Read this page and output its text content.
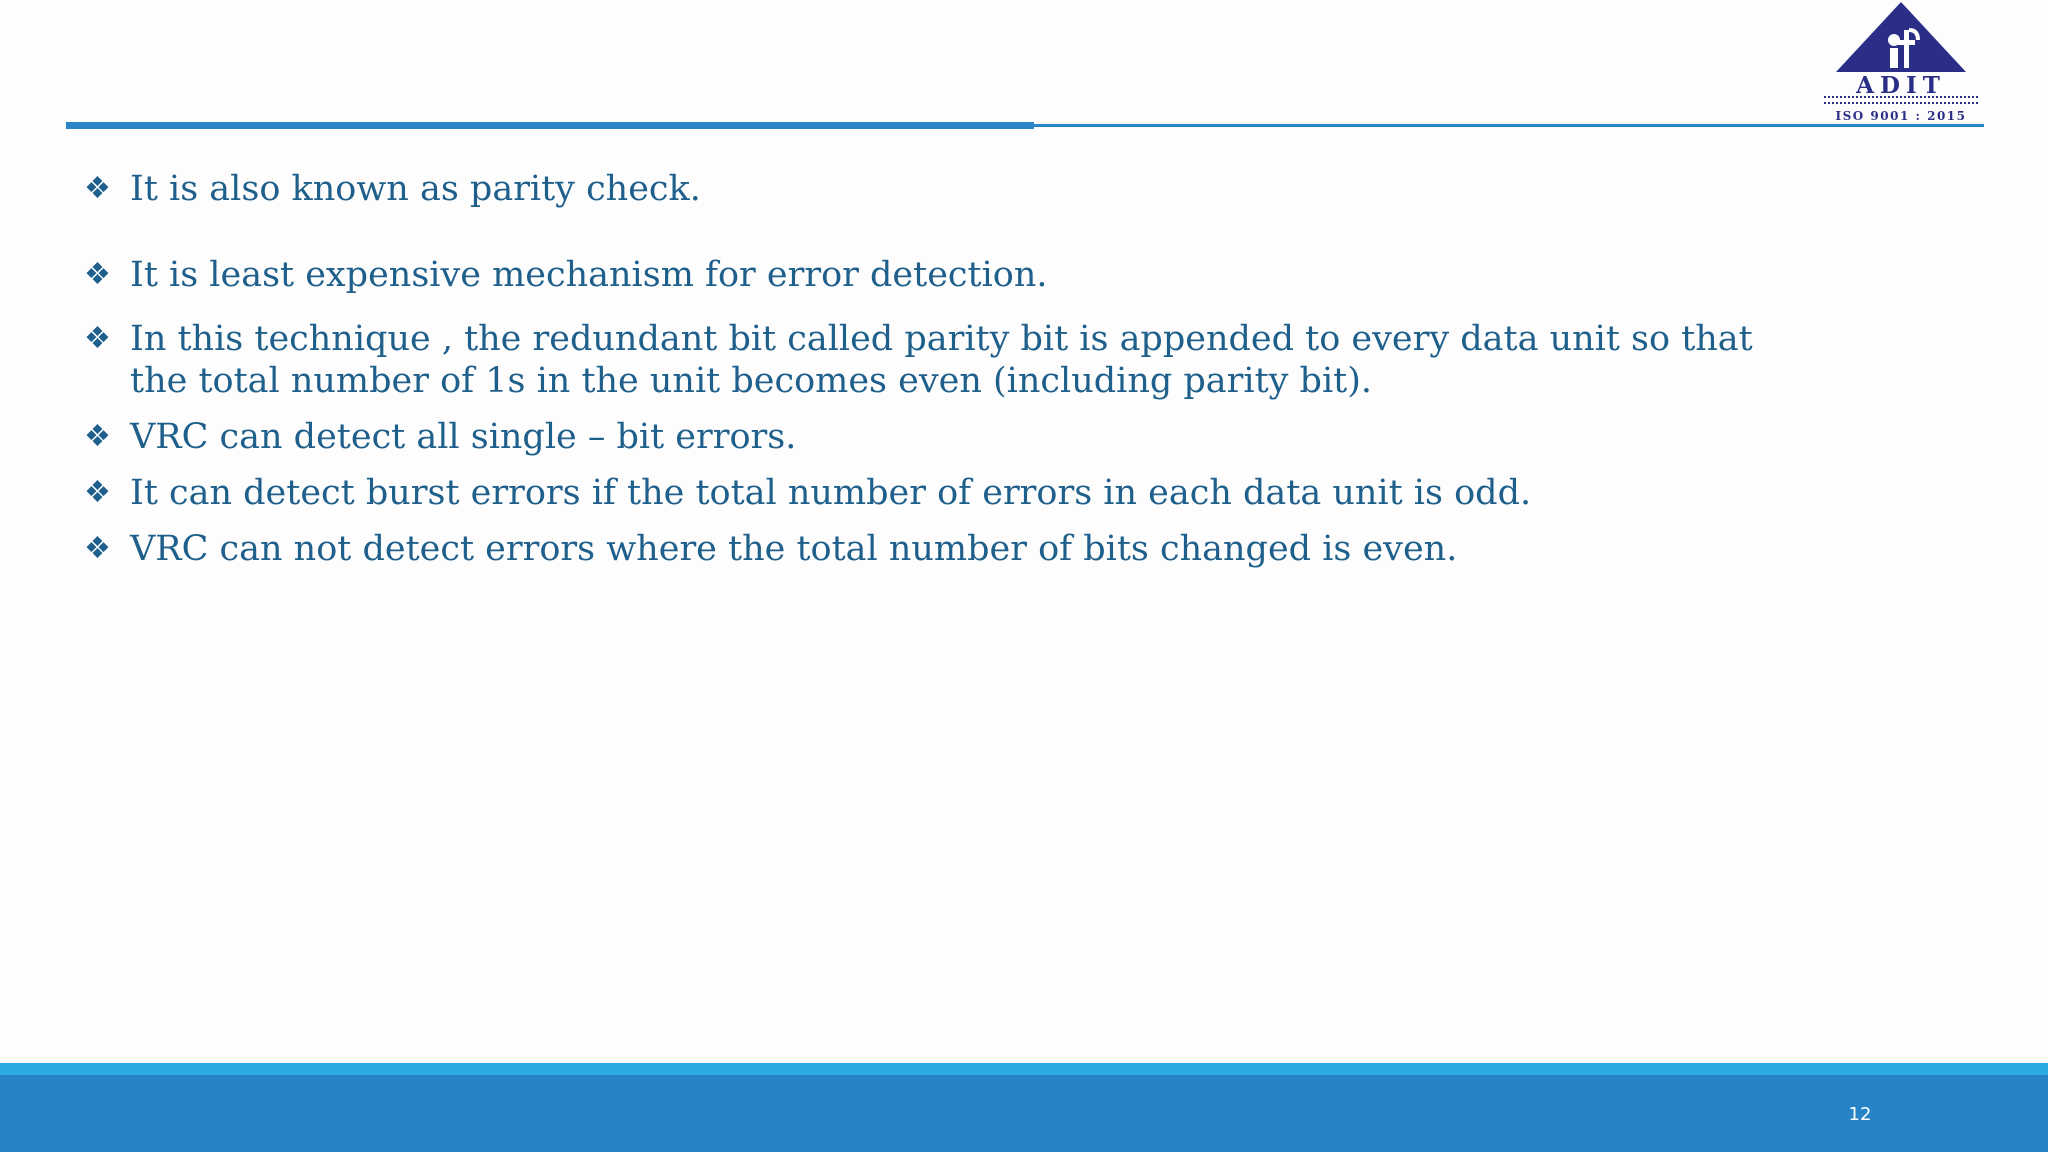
ADIT
ISO 9001 : 2015
❖ It is also known as parity check.
❖ It is least expensive mechanism for error detection.
❖ In this technique , the redundant bit called parity bit is appended to every data unit so that the total number of 1s in the unit becomes even (including parity bit).
❖ VRC can detect all single – bit errors.
❖ It can detect burst errors if the total number of errors in each data unit is odd.
❖ VRC can not detect errors where the total number of bits changed is even.
12
